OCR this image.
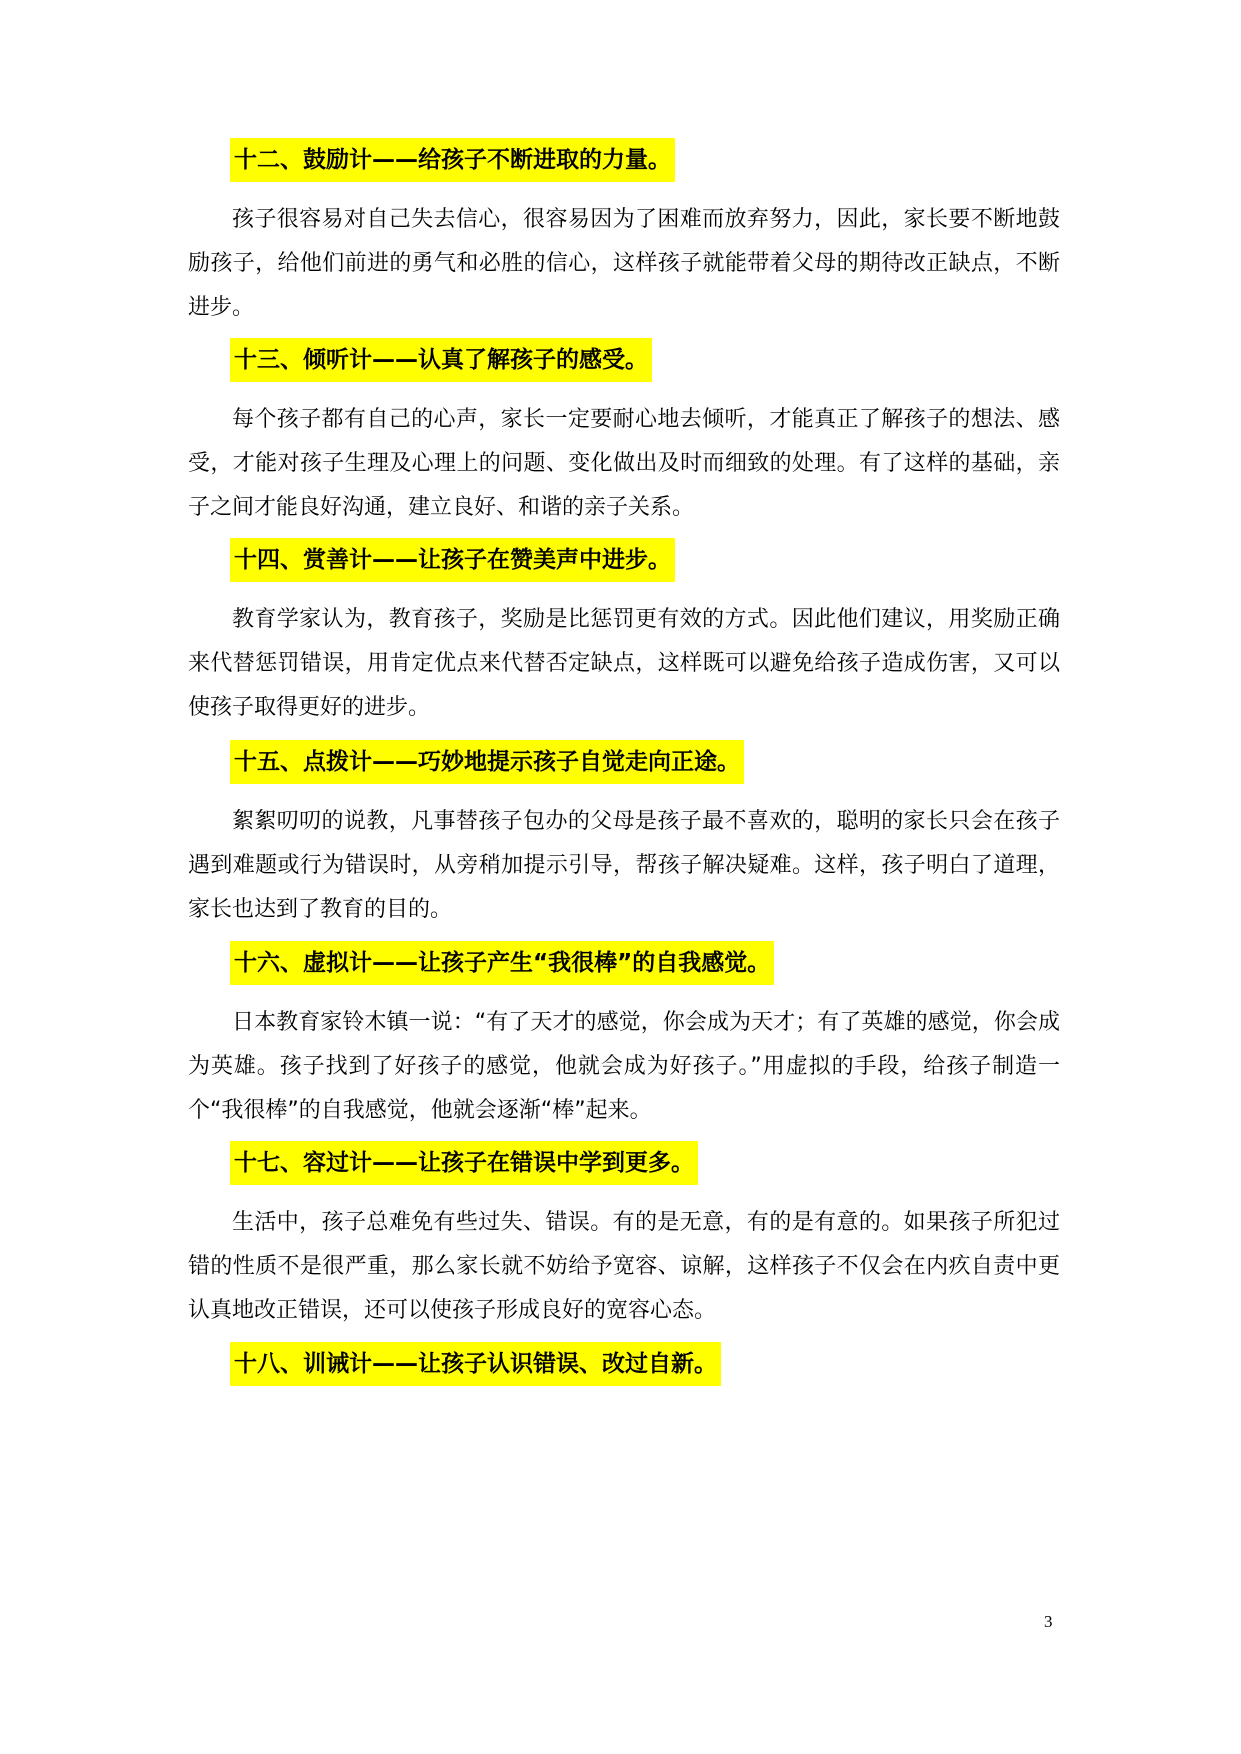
十二、鼓励计——给孩子不断进取的力量。

孩子很容易对自己失去信心，很容易因为了困难而放弃努力，因此，家长要不断地鼓励孩子，给他们前进的勇气和必胜的信心，这样孩子就能带着父母的期待改正缺点，不断进步。

十三、倾听计——认真了解孩子的感受。

每个孩子都有自己的心声，家长一定要耐心地去倾听，才能真正了解孩子的想法、感受，才能对孩子生理及心理上的问题、变化做出及时而细致的处理。有了这样的基础，亲子之间才能良好沟通，建立良好、和谐的亲子关系。

十四、赏善计——让孩子在赞美声中进步。

教育学家认为，教育孩子，奖励是比惩罚更有效的方式。因此他们建议，用奖励正确来代替惩罚错误，用肯定优点来代替否定缺点，这样既可以避免给孩子造成伤害，又可以使孩子取得更好的进步。

十五、点拨计——巧妙地提示孩子自觉走向正途。

絮絮叨叨的说教，凡事替孩子包办的父母是孩子最不喜欢的，聪明的家长只会在孩子遇到难题或行为错误时，从旁稍加提示引导，帮孩子解决疑难。这样，孩子明白了道理，家长也达到了教育的目的。

十六、虚拟计——让孩子产生“我很棒”的自我感觉。

日本教育家铃木镇一说：“有了天才的感觉，你会成为天才；有了英雄的感觉，你会成为英雄。孩子找到了好孩子的感觉，他就会成为好孩子。”用虚拟的手段，给孩子制造一个“我很棒”的自我感觉，他就会逐渐“棒”起来。

十七、容过计——让孩子在错误中学到更多。

生活中，孩子总难免有些过失、错误。有的是无意，有的是有意的。如果孩子所犯过错的性质不是很严重，那么家长就不妨给予宽容、谅解，这样孩子不仅会在内疚自责中更认真地改正错误，还可以使孩子形成良好的宽容心态。

十八、训诫计——让孩子认识错误、改过自新。
3
